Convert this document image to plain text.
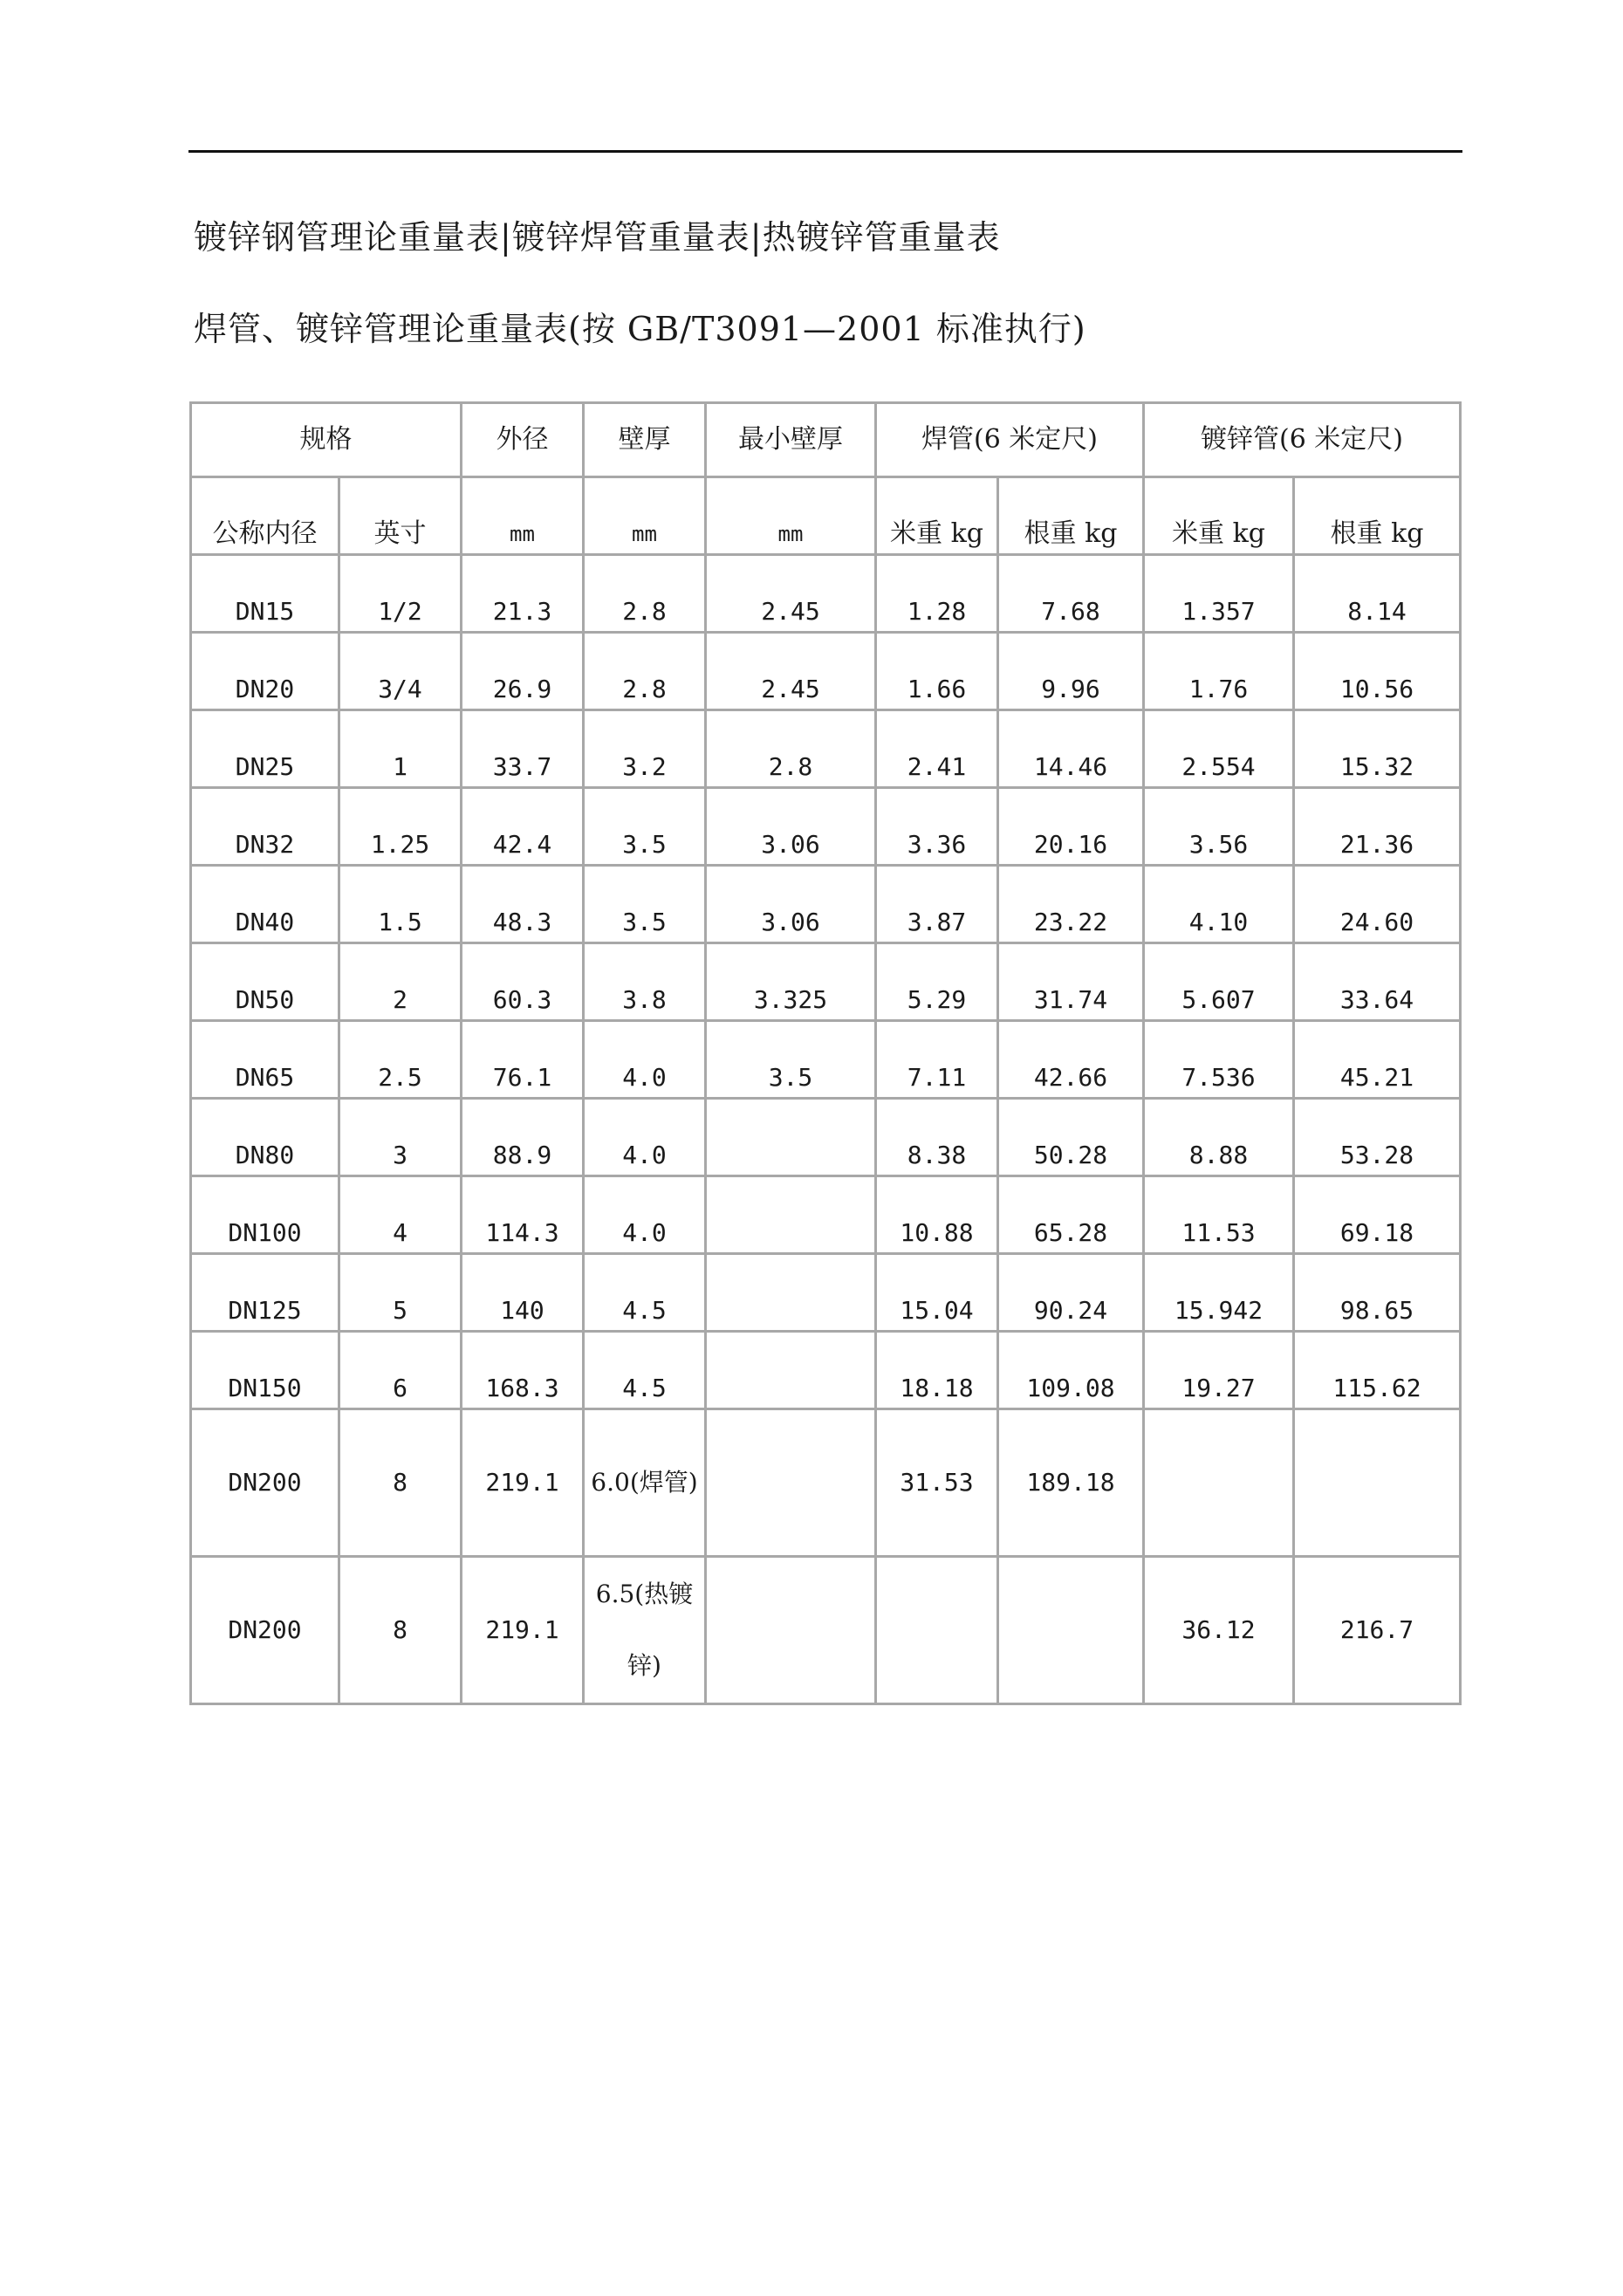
镀锌钢管理论重量表|镀锌焊管重量表|热镀锌管重量表
焊管、镀锌管理论重量表(按 GB/T3091—2001 标准执行)
规格		外径	壁厚	最小壁厚	焊管(6 米定尺)		镀锌管(6 米定尺)	
公称内径	英寸	mm	mm	mm	米重 kg	根重 kg	米重 kg	根重 kg
DN15	1/2	21.3	2.8	2.45	1.28	7.68	1.357	8.14
DN20	3/4	26.9	2.8	2.45	1.66	9.96	1.76	10.56
DN25	1	33.7	3.2	2.8	2.41	14.46	2.554	15.32
DN32	1.25	42.4	3.5	3.06	3.36	20.16	3.56	21.36
DN40	1.5	48.3	3.5	3.06	3.87	23.22	4.10	24.60
DN50	2	60.3	3.8	3.325	5.29	31.74	5.607	33.64
DN65	2.5	76.1	4.0	3.5	7.11	42.66	7.536	45.21
DN80	3	88.9	4.0		8.38	50.28	8.88	53.28
DN100	4	114.3	4.0		10.88	65.28	11.53	69.18
DN125	5	140	4.5		15.04	90.24	15.942	98.65
DN150	6	168.3	4.5		18.18	109.08	19.27	115.62
DN200	8	219.1	6.0(焊管)		31.53	189.18		
DN200	8	219.1	6.5(热镀锌)				36.12	216.7
